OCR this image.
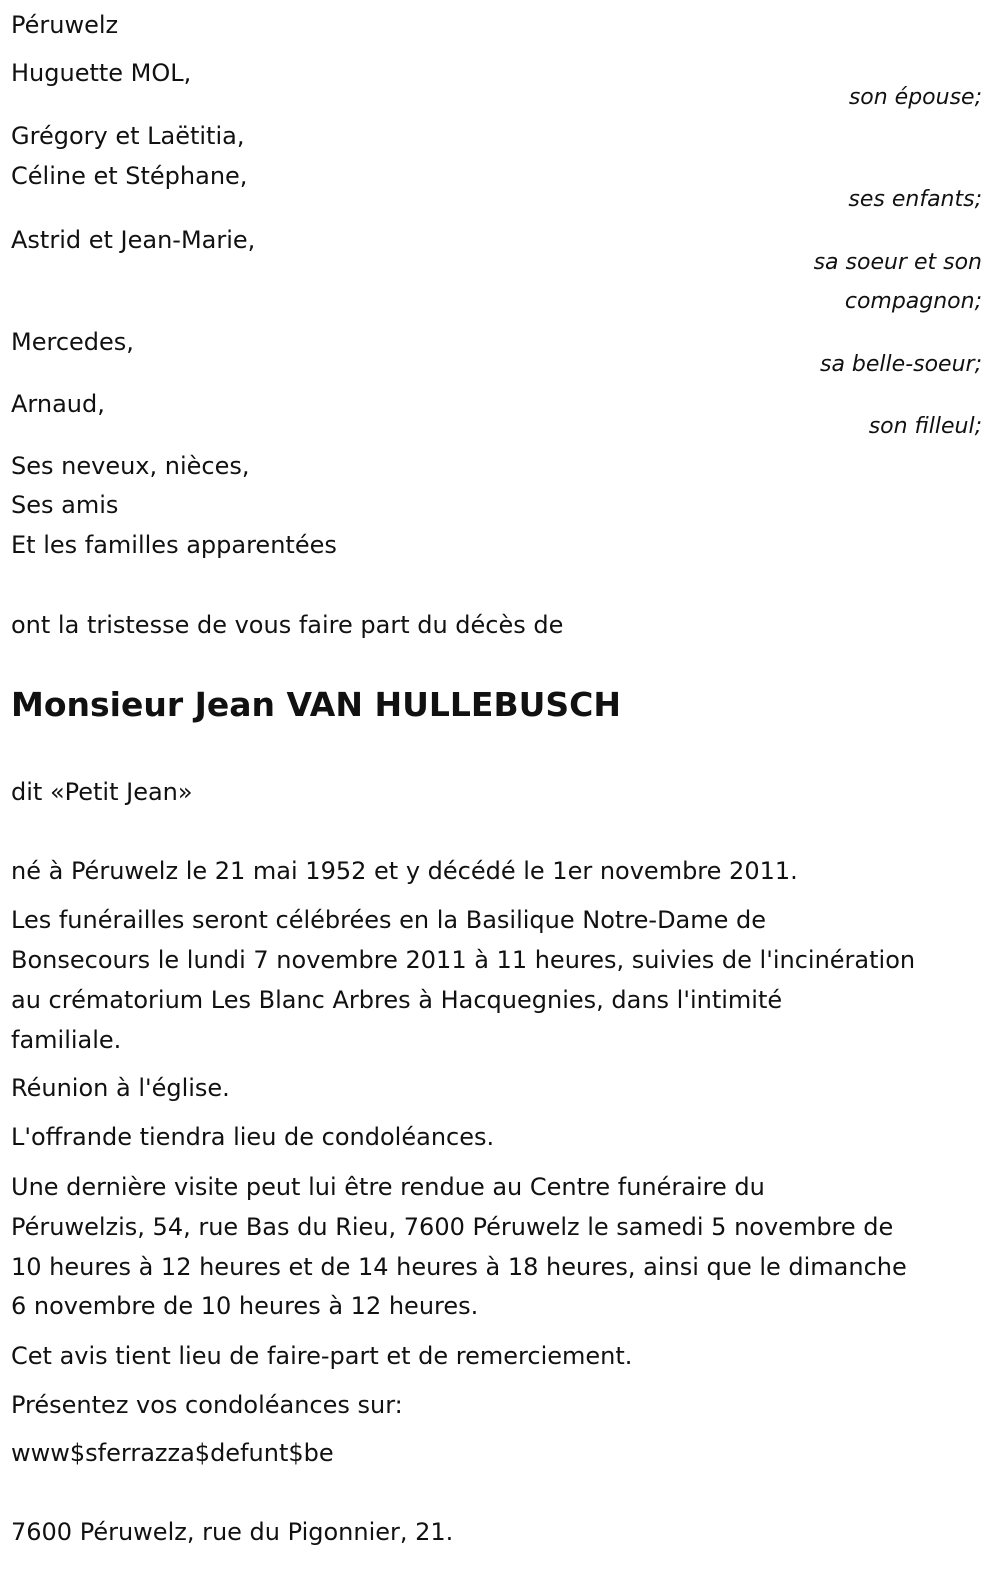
Péruwelz
Huguette MOL,
son épouse;
Grégory et Laëtitia,
Céline et Stéphane,
ses enfants;
Astrid et Jean-Marie,
sa soeur et son
compagnon;
Mercedes,
sa belle-soeur;
Arnaud,
son filleul;
Ses neveux, nièces,
Ses amis
Et les familles apparentées
ont la tristesse de vous faire part du décès de
Monsieur Jean VAN HULLEBUSCH
dit «Petit Jean»
né à Péruwelz le 21 mai 1952 et y décédé le 1er novembre 2011.
Les funérailles seront célébrées en la Basilique Notre-Dame de
Bonsecours le lundi 7 novembre 2011 à 11 heures, suivies de l'incinération
au crématorium Les Blanc Arbres à Hacquegnies, dans l'intimité
familiale.
Réunion à l'église.
L'offrande tiendra lieu de condoléances.
Une dernière visite peut lui être rendue au Centre funéraire du
Péruwelzis, 54, rue Bas du Rieu, 7600 Péruwelz le samedi 5 novembre de
10 heures à 12 heures et de 14 heures à 18 heures, ainsi que le dimanche
6 novembre de 10 heures à 12 heures.
Cet avis tient lieu de faire-part et de remerciement.
Présentez vos condoléances sur:
www$sferrazza$defunt$be
7600 Péruwelz, rue du Pigonnier, 21.
